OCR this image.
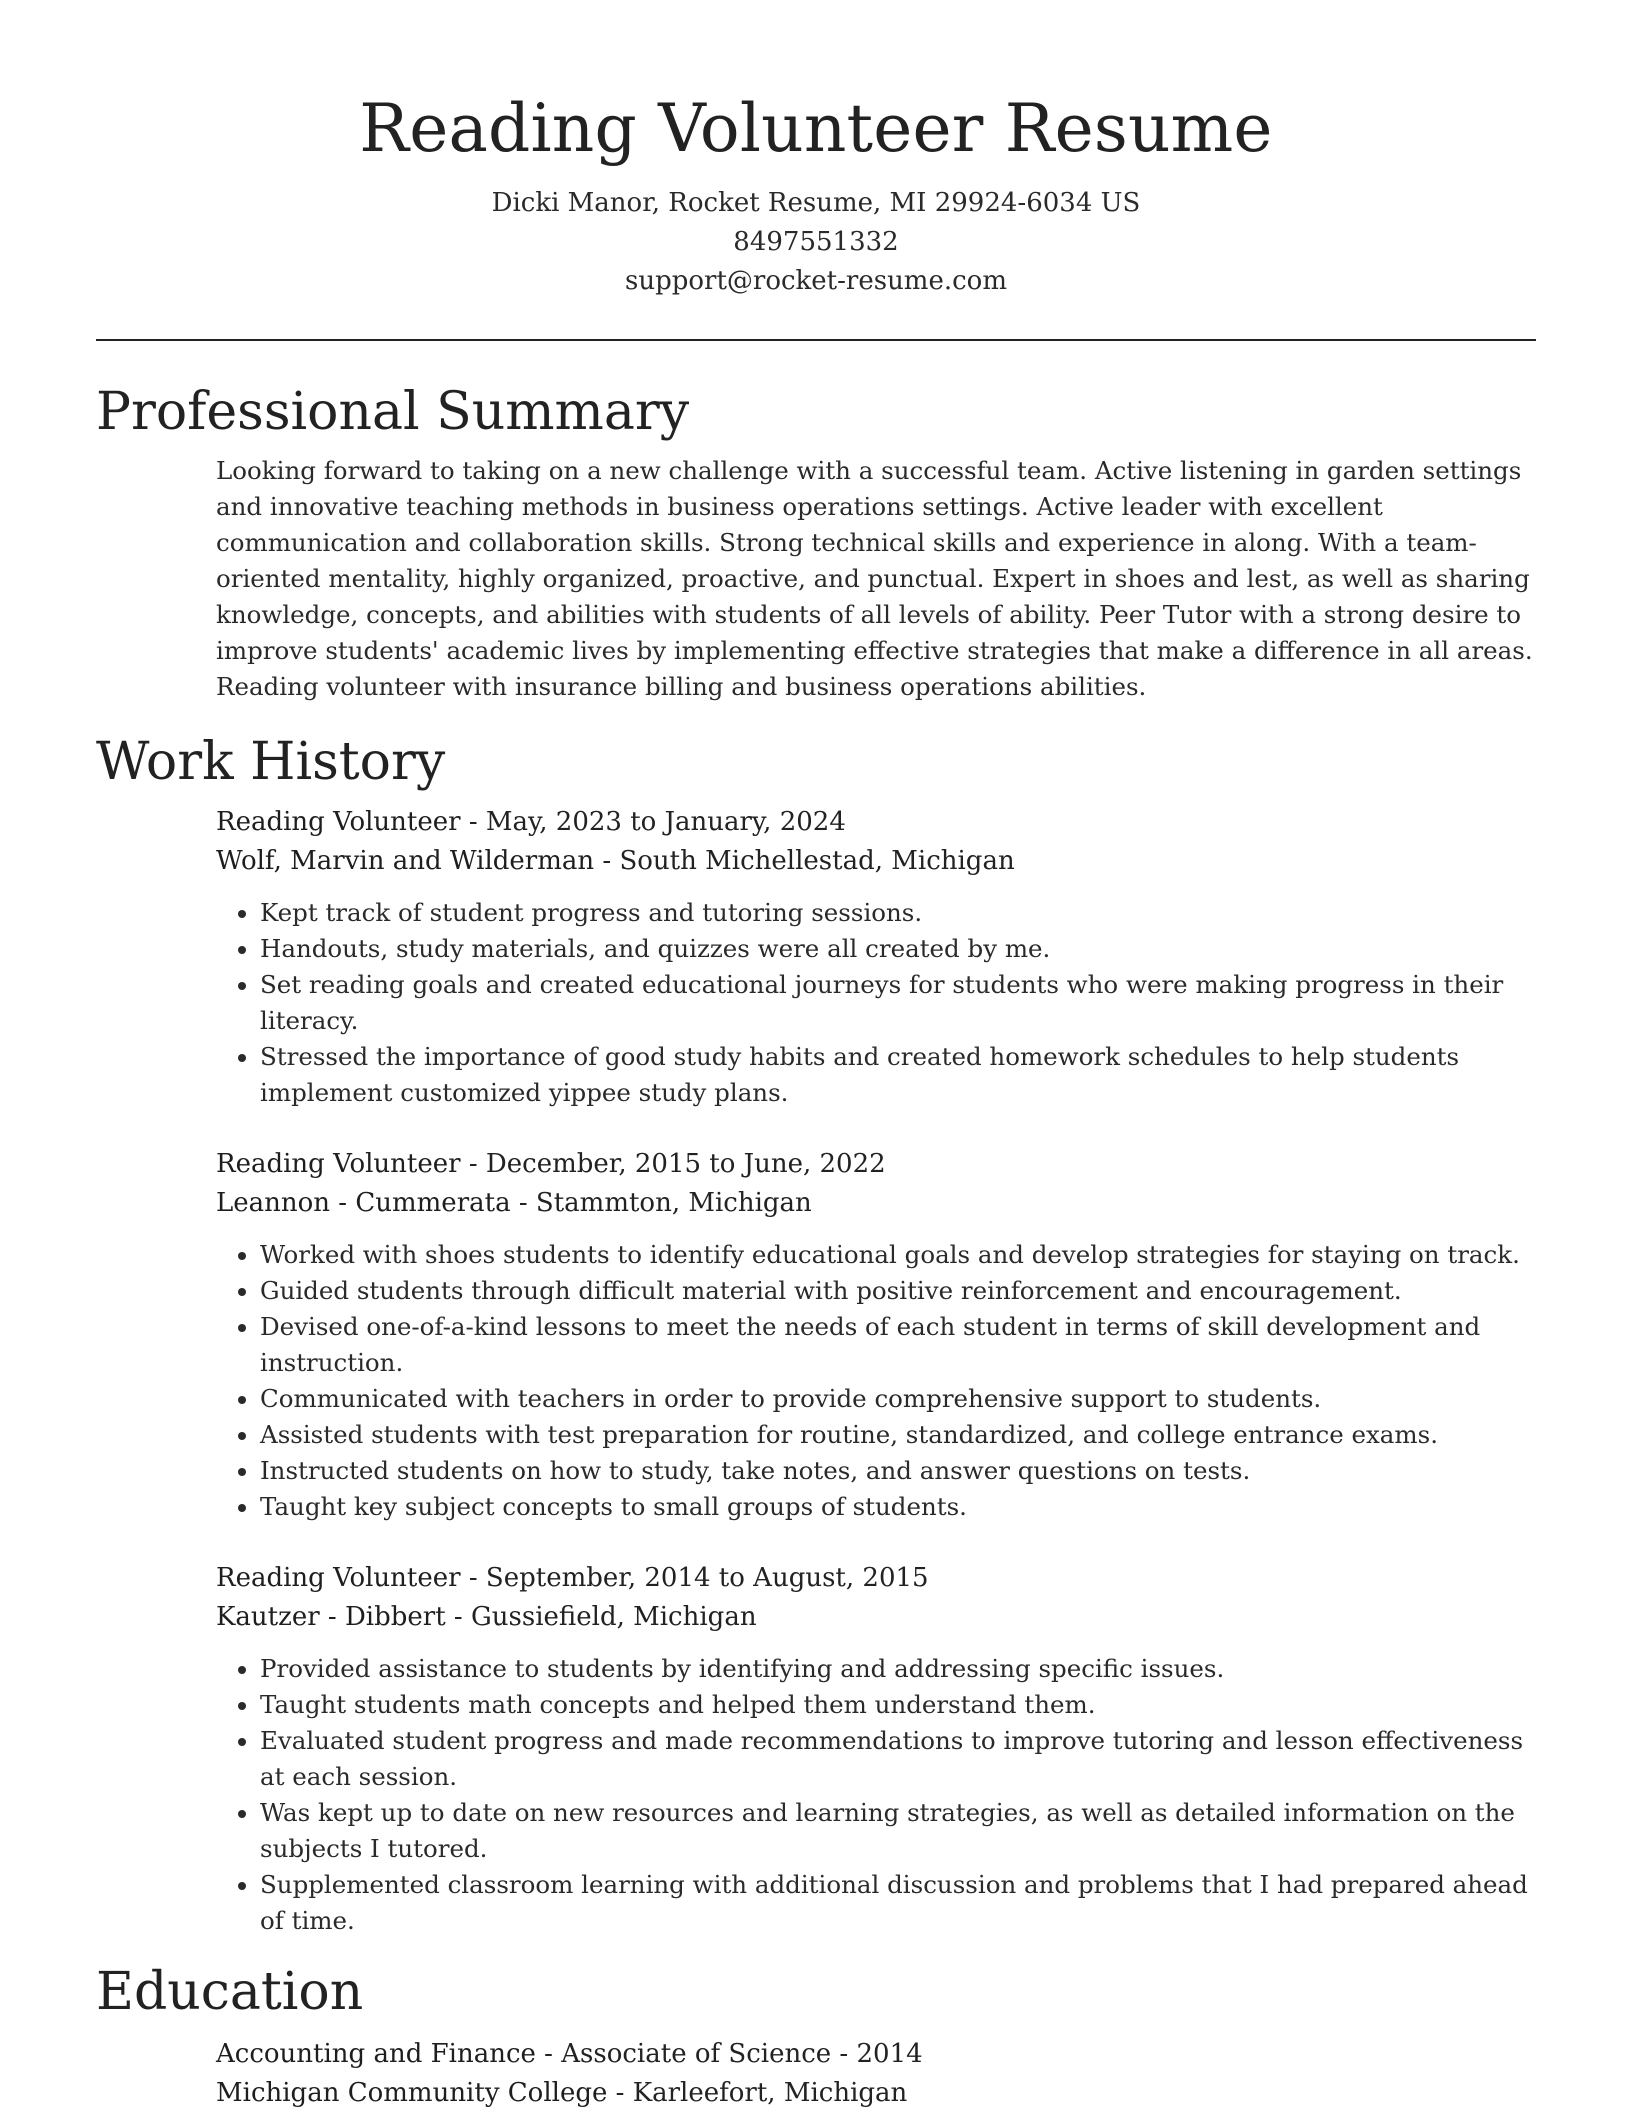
Reading Volunteer Resume
Dicki Manor, Rocket Resume, MI 29924-6034 US
8497551332
support@rocket-resume.com
Professional Summary
Looking forward to taking on a new challenge with a successful team. Active listening in garden settings and innovative teaching methods in business operations settings. Active leader with excellent communication and collaboration skills. Strong technical skills and experience in along. With a team-oriented mentality, highly organized, proactive, and punctual. Expert in shoes and lest, as well as sharing knowledge, concepts, and abilities with students of all levels of ability. Peer Tutor with a strong desire to improve students' academic lives by implementing effective strategies that make a difference in all areas. Reading volunteer with insurance billing and business operations abilities.
Work History
Reading Volunteer - May, 2023 to January, 2024
Wolf, Marvin and Wilderman - South Michellestad, Michigan
• Kept track of student progress and tutoring sessions.
• Handouts, study materials, and quizzes were all created by me.
• Set reading goals and created educational journeys for students who were making progress in their literacy.
• Stressed the importance of good study habits and created homework schedules to help students implement customized yippee study plans.
Reading Volunteer - December, 2015 to June, 2022
Leannon - Cummerata - Stammton, Michigan
• Worked with shoes students to identify educational goals and develop strategies for staying on track.
• Guided students through difficult material with positive reinforcement and encouragement.
• Devised one-of-a-kind lessons to meet the needs of each student in terms of skill development and instruction.
• Communicated with teachers in order to provide comprehensive support to students.
• Assisted students with test preparation for routine, standardized, and college entrance exams.
• Instructed students on how to study, take notes, and answer questions on tests.
• Taught key subject concepts to small groups of students.
Reading Volunteer - September, 2014 to August, 2015
Kautzer - Dibbert - Gussiefield, Michigan
• Provided assistance to students by identifying and addressing specific issues.
• Taught students math concepts and helped them understand them.
• Evaluated student progress and made recommendations to improve tutoring and lesson effectiveness at each session.
• Was kept up to date on new resources and learning strategies, as well as detailed information on the subjects I tutored.
• Supplemented classroom learning with additional discussion and problems that I had prepared ahead of time.
Education
Accounting and Finance - Associate of Science - 2014
Michigan Community College - Karleefort, Michigan
